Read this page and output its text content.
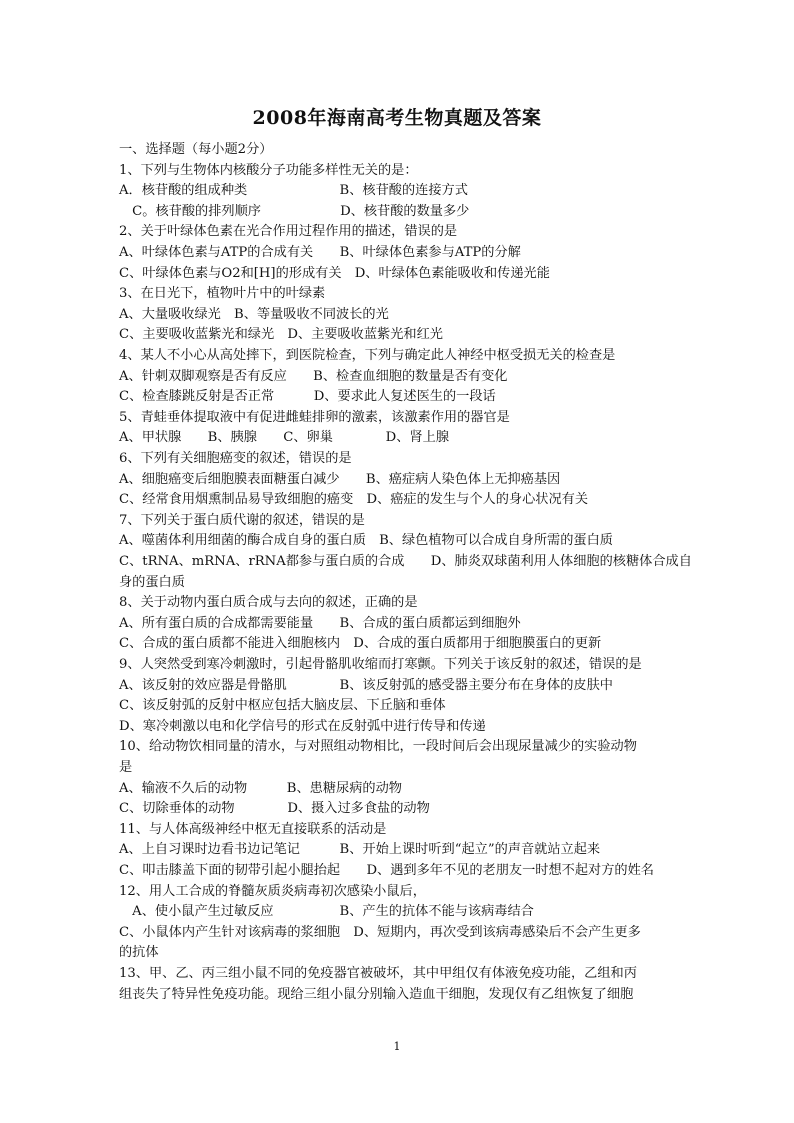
2008年海南高考生物真题及答案
一、选择题（每小题2分）
1、下列与生物体内核酸分子功能多样性无关的是：
A．核苷酸的组成种类　　　　　　　B、核苷酸的连接方式
　C。核苷酸的排列顺序　　　　　　D、核苷酸的数量多少
2、关于叶绿体色素在光合作用过程作用的描述，错误的是
A、叶绿体色素与ATP的合成有关　　B、叶绿体色素参与ATP的分解
C、叶绿体色素与O2和[H]的形成有关　D、叶绿体色素能吸收和传递光能
3、在日光下，植物叶片中的叶绿素
A、大量吸收绿光　B、等量吸收不同波长的光
C、主要吸收蓝紫光和绿光　D、主要吸收蓝紫光和红光
4、某人不小心从高处摔下，到医院检查，下列与确定此人神经中枢受损无关的检查是
A、针刺双脚观察是否有反应　　B、检查血细胞的数量是否有变化
C、检查膝跳反射是否正常　　　D、要求此人复述医生的一段话
5、青蛙垂体提取液中有促进雌蛙排卵的激素，该激素作用的器官是
A、甲状腺　　B、胰腺　　C、卵巢　　　　D、肾上腺
6、下列有关细胞癌变的叙述，错误的是
A、细胞癌变后细胞膜表面糖蛋白减少　　B、癌症病人染色体上无抑癌基因
C、经常食用烟熏制品易导致细胞的癌变　D、癌症的发生与个人的身心状况有关
7、下列关于蛋白质代谢的叙述，错误的是
A、噬菌体利用细菌的酶合成自身的蛋白质　B、绿色植物可以合成自身所需的蛋白质
C、tRNA、mRNA、rRNA都参与蛋白质的合成　　D、肺炎双球菌利用人体细胞的核糖体合成自
身的蛋白质
8、关于动物内蛋白质合成与去向的叙述，正确的是
A、所有蛋白质的合成都需要能量　　B、合成的蛋白质都运到细胞外
C、合成的蛋白质都不能进入细胞核内　D、合成的蛋白质都用于细胞膜蛋白的更新
9、人突然受到寒冷刺激时，引起骨骼肌收缩而打寒颤。下列关于该反射的叙述，错误的是
A、该反射的效应器是骨骼肌　　　　B、该反射弧的感受器主要分布在身体的皮肤中
C、该反射弧的反射中枢应包括大脑皮层、下丘脑和垂体
D、寒冷刺激以电和化学信号的形式在反射弧中进行传导和传递
10、给动物饮相同量的清水，与对照组动物相比，一段时间后会出现尿量减少的实验动物
是
A、输液不久后的动物　　　B、患糖尿病的动物
C、切除垂体的动物　　　　D、摄入过多食盐的动物
11、与人体高级神经中枢无直接联系的活动是
A、上自习课时边看书边记笔记　　　B、开始上课时听到“起立”的声音就站立起来
C、叩击膝盖下面的韧带引起小腿抬起　　D、遇到多年不见的老朋友一时想不起对方的姓名
12、用人工合成的脊髓灰质炎病毒初次感染小鼠后，
　A、使小鼠产生过敏反应　　　　　B、产生的抗体不能与该病毒结合
C、小鼠体内产生针对该病毒的浆细胞　D、短期内，再次受到该病毒感染后不会产生更多
的抗体
13、甲、乙、丙三组小鼠不同的免疫器官被破坏，其中甲组仅有体液免疫功能，乙组和丙
组丧失了特异性免疫功能。现给三组小鼠分别输入造血干细胞，发现仅有乙组恢复了细胞
1
